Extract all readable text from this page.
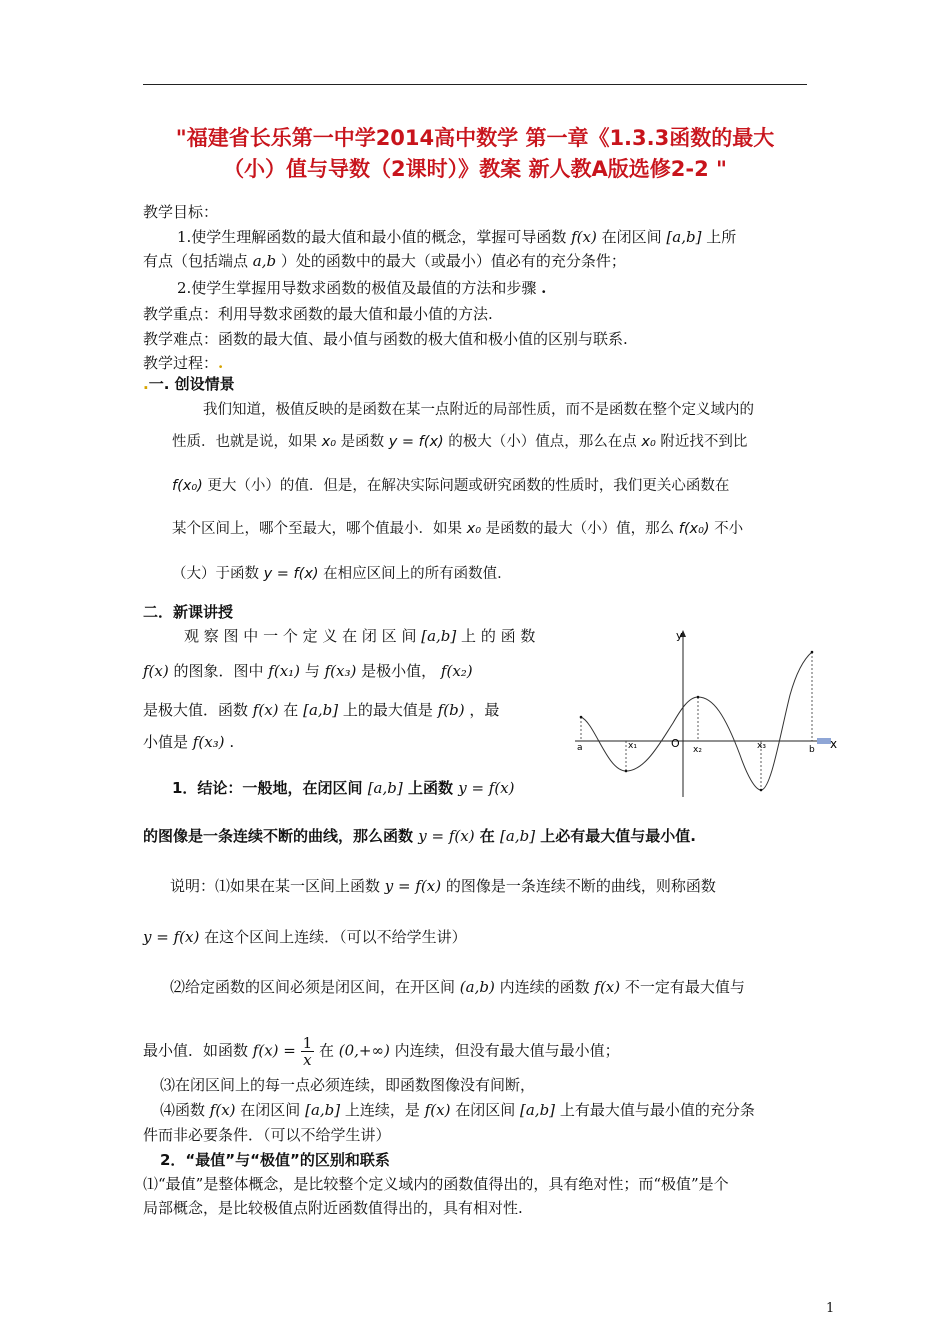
"福建省长乐第一中学2014高中数学 第一章《1.3.3函数的最大
（小）值与导数（2课时）》教案 新人教A版选修2-2 "
教学目标：
1.使学生理解函数的最大值和最小值的概念，掌握可导函数 f(x) 在闭区间 [a,b] 上所
有点（包括端点 a,b ）处的函数中的最大（或最小）值必有的充分条件；
2.使学生掌握用导数求函数的极值及最值的方法和步骤 .
教学重点：利用导数求函数的最大值和最小值的方法.
教学难点：函数的最大值、最小值与函数的极大值和极小值的区别与联系.
教学过程：.
.一. 创设情景
我们知道，极值反映的是函数在某一点附近的局部性质，而不是函数在整个定义域内的
性质．也就是说，如果 x₀ 是函数 y = f(x) 的极大（小）值点，那么在点 x₀ 附近找不到比
f(x₀) 更大（小）的值．但是，在解决实际问题或研究函数的性质时，我们更关心函数在
某个区间上，哪个至最大，哪个值最小．如果 x₀ 是函数的最大（小）值，那么 f(x₀) 不小
（大）于函数 y = f(x) 在相应区间上的所有函数值.
二．新课讲授
观 察 图 中 一 个 定 义 在 闭 区 间 [a,b] 上 的 函 数
f(x) 的图象．图中 f(x₁) 与 f(x₃) 是极小值， f(x₂)
是极大值．函数 f(x) 在 [a,b] 上的最大值是 f(b) ，最
小值是 f(x₃) .
y
x
O
a	x₁	x₂	x₃	b
1．结论：一般地，在闭区间 [a,b] 上函数 y = f(x)
的图像是一条连续不断的曲线，那么函数 y = f(x) 在 [a,b] 上必有最大值与最小值.
说明：⑴如果在某一区间上函数 y = f(x) 的图像是一条连续不断的曲线，则称函数
y = f(x) 在这个区间上连续．（可以不给学生讲）
⑵给定函数的区间必须是闭区间，在开区间 (a,b) 内连续的函数 f(x) 不一定有最大值与
最小值．如函数 $f(x) = \frac{1}{x}$ 在 (0,+∞) 内连续，但没有最大值与最小值；
⑶在闭区间上的每一点必须连续，即函数图像没有间断，
⑷函数 f(x) 在闭区间 [a,b] 上连续，是 f(x) 在闭区间 [a,b] 上有最大值与最小值的充分条
件而非必要条件．（可以不给学生讲）
2．“最值”与“极值”的区别和联系
⑴“最值”是整体概念，是比较整个定义域内的函数值得出的，具有绝对性；而“极值”是个
局部概念，是比较极值点附近函数值得出的，具有相对性.
1
